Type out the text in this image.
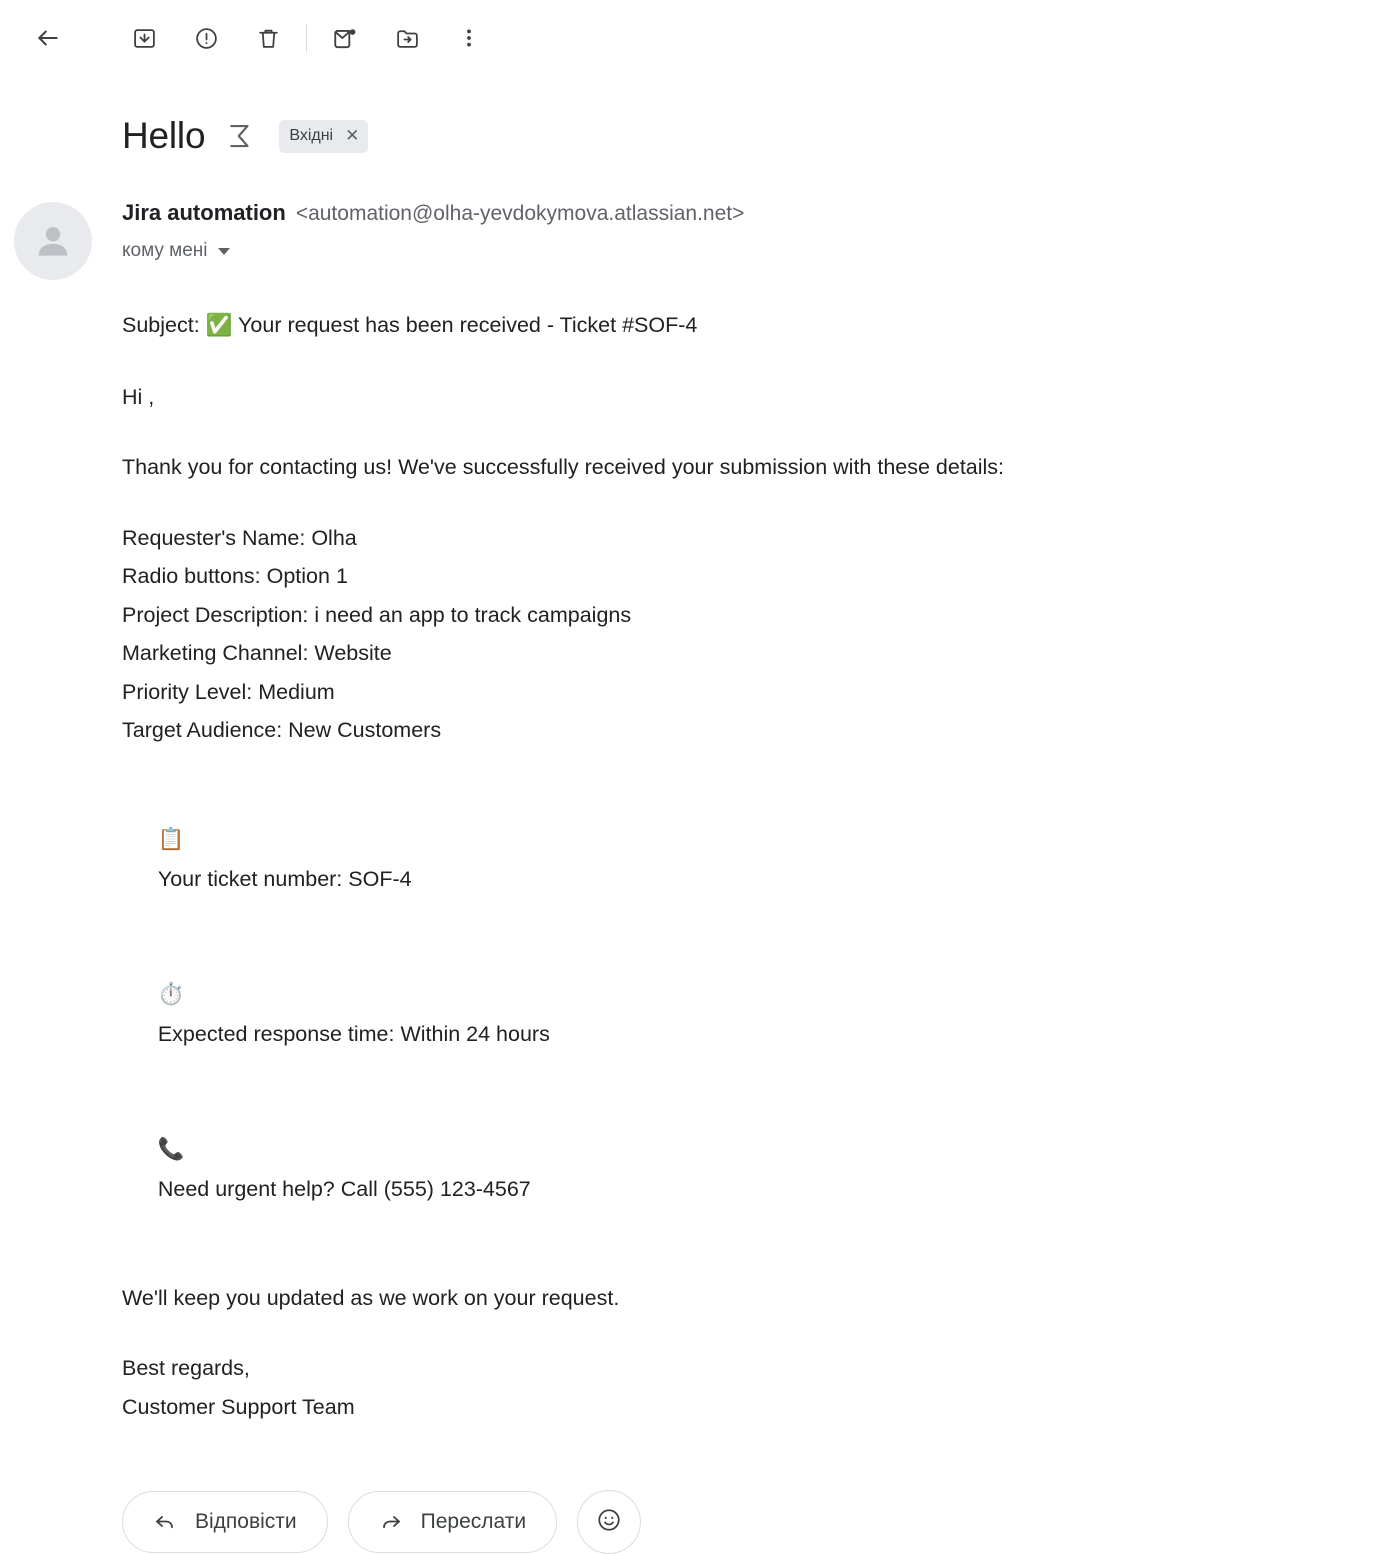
Hello	Вхідні ✕
Jira automation <automation@olha-yevdokymova.atlassian.net>
кому мені
Subject: ✅ Your request has been received - Ticket #SOF-4
Hi ,
Thank you for contacting us! We've successfully received your submission with these details:
Requester's Name: Olha
Radio buttons: Option 1
Project Description: i need an app to track campaigns
Marketing Channel: Website
Priority Level: Medium
Target Audience: New Customers

📋
Your ticket number: SOF-4

⏱️
Expected response time: Within 24 hours

📞
Need urgent help? Call (555) 123-4567

We'll keep you updated as we work on your request.
Best regards,
Customer Support Team
Відповісти	Переслати
